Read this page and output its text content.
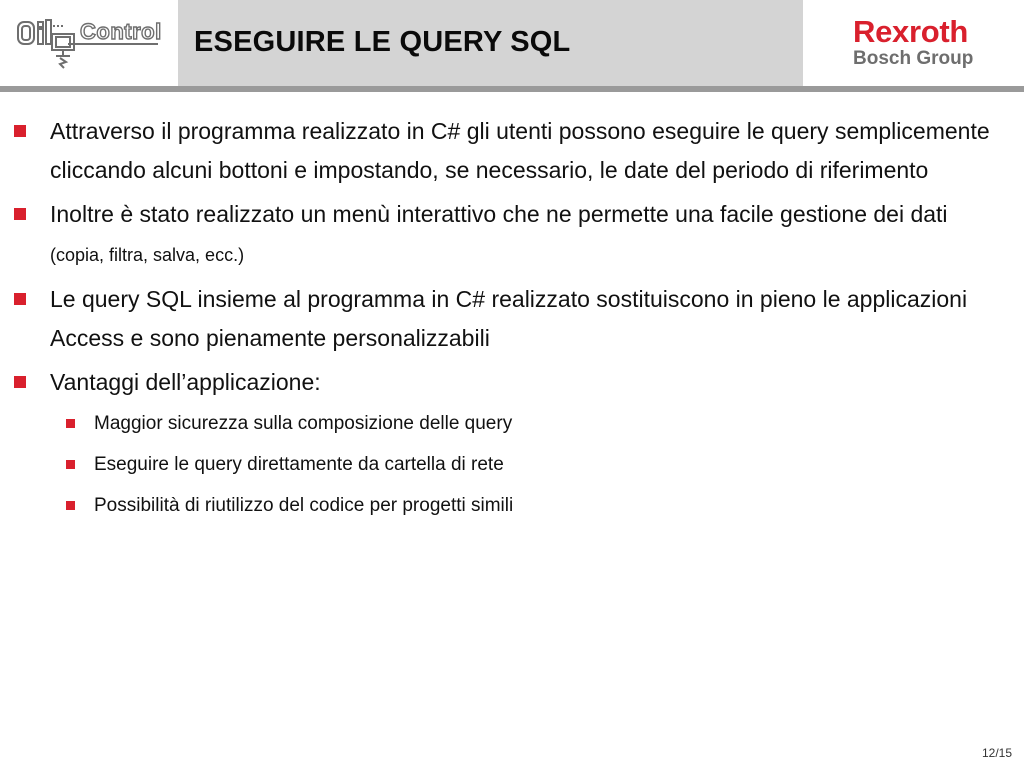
Control ESEGUIRE LE QUERY SQL	Rexroth
Bosch Group
Attraverso il programma realizzato in C# gli utenti possono eseguire le query semplicemente cliccando alcuni bottoni e impostando, se necessario, le date del periodo di riferimento
Inoltre è stato realizzato un menù interattivo che ne permette una facile gestione dei dati (copia, filtra, salva, ecc.)
Le query SQL insieme al programma in C# realizzato sostituiscono in pieno le applicazioni Access e sono pienamente personalizzabili
Vantaggi dell’applicazione:
Maggior sicurezza sulla composizione delle query
Eseguire le query direttamente da cartella di rete
Possibilità di riutilizzo del codice per progetti simili
12/15
